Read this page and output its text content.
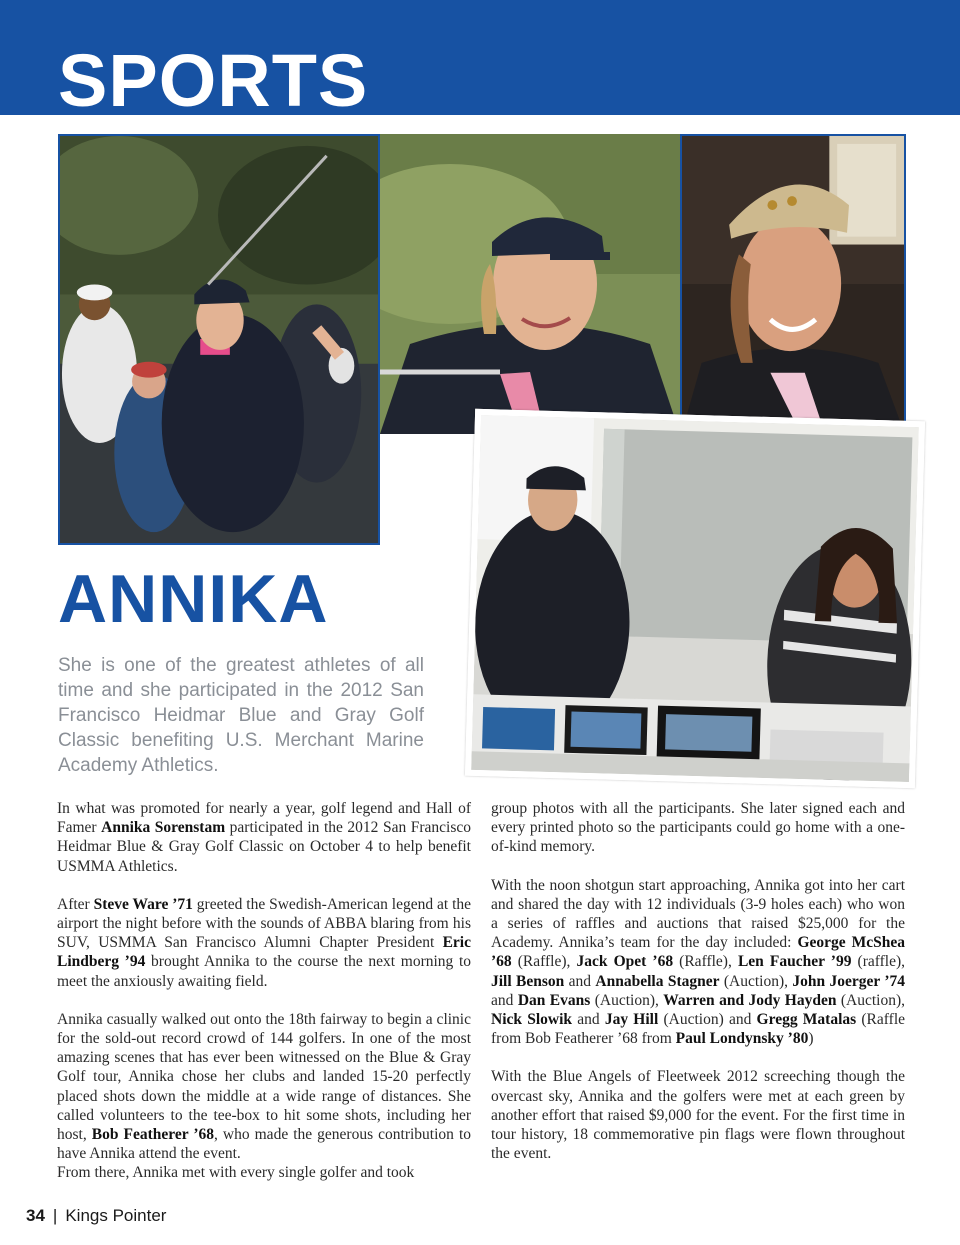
SPORTS
ANNIKA

She is one of the greatest athletes of all time and she participated in the 2012 San Francisco Heidmar Blue and Gray Golf Classic benefiting U.S. Merchant Marine Academy Athletics.

In what was promoted for nearly a year, golf legend and Hall of Famer Annika Sorenstam participated in the 2012 San Francisco Heidmar Blue & Gray Golf Classic on October 4 to help benefit USMMA Athletics.

After Steve Ware ’71 greeted the Swedish-American legend at the airport the night before with the sounds of ABBA blaring from his SUV, USMMA San Francisco Alumni Chapter President Eric Lindberg ’94 brought Annika to the course the next morning to meet the anxiously awaiting field.

Annika casually walked out onto the 18th fairway to begin a clinic for the sold-out record crowd of 144 golfers. In one of the most amazing scenes that has ever been witnessed on the Blue & Gray Golf tour, Annika chose her clubs and landed 15-20 perfectly placed shots down the middle at a wide range of distances. She called volunteers to the tee-box to hit some shots, including her host, Bob Featherer ’68, who made the generous contribution to have Annika attend the event.

From there, Annika met with every single golfer and took

group photos with all the participants. She later signed each and every printed photo so the participants could go home with a one-of-kind memory.

With the noon shotgun start approaching, Annika got into her cart and shared the day with 12 individuals (3-9 holes each) who won a series of raffles and auctions that raised $25,000 for the Academy. Annika’s team for the day included: George McShea ’68 (Raffle), Jack Opet ’68 (Raffle), Len Faucher ’99 (raffle), Jill Benson and Annabella Stagner (Auction), John Joerger ’74 and Dan Evans (Auction), Warren and Jody Hayden (Auction), Nick Slowik and Jay Hill (Auction) and Gregg Matalas (Raffle from Bob Featherer ’68 from Paul Londynsky ’80)

With the Blue Angels of Fleetweek 2012 screeching though the overcast sky, Annika and the golfers were met at each green by another effort that raised $9,000 for the event. For the first time in tour history, 18 commemorative pin flags were flown throughout the event.

34 | Kings Pointer
